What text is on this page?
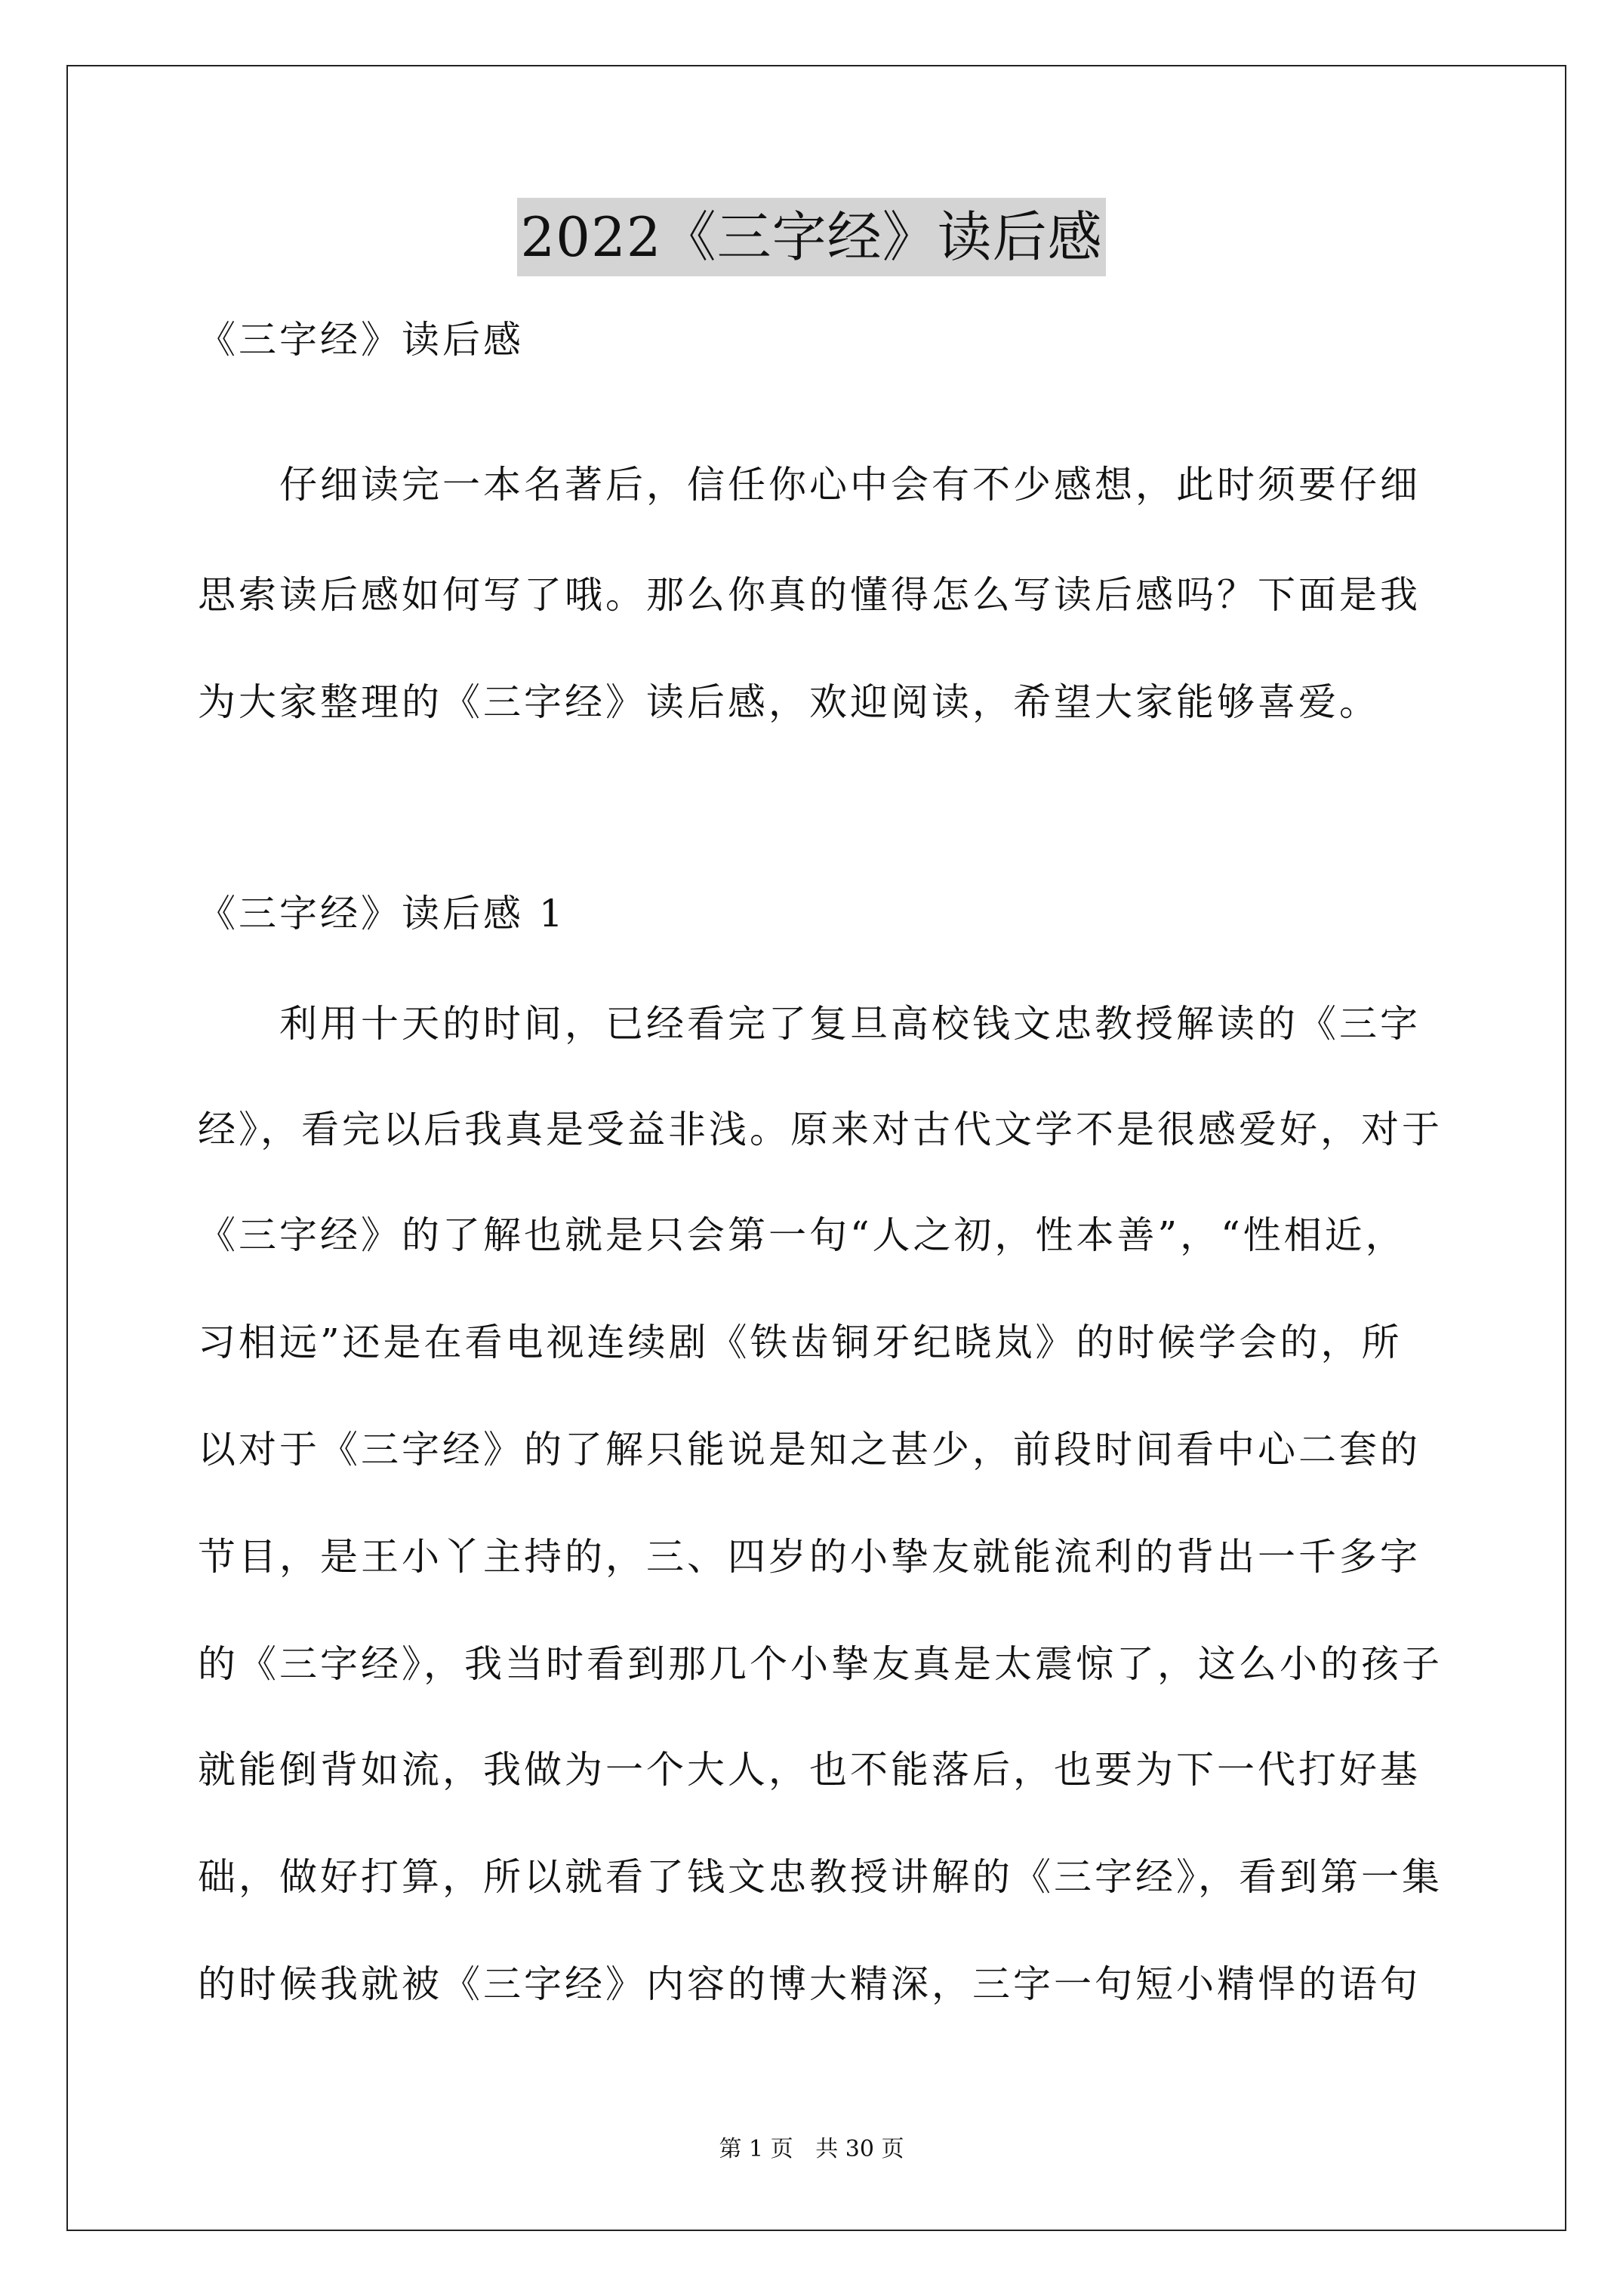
2022《三字经》读后感
《三字经》读后感
仔细读完一本名著后，信任你心中会有不少感想，此时须要仔细
思索读后感如何写了哦。那么你真的懂得怎么写读后感吗？下面是我
为大家整理的《三字经》读后感，欢迎阅读，希望大家能够喜爱。
《三字经》读后感 1
利用十天的时间，已经看完了复旦高校钱文忠教授解读的《三字
经》，看完以后我真是受益非浅。原来对古代文学不是很感爱好，对于
《三字经》的了解也就是只会第一句“人之初，性本善”，“性相近，
习相远”还是在看电视连续剧《铁齿铜牙纪晓岚》的时候学会的，所
以对于《三字经》的了解只能说是知之甚少，前段时间看中心二套的
节目，是王小丫主持的，三、四岁的小挚友就能流利的背出一千多字
的《三字经》，我当时看到那几个小挚友真是太震惊了，这么小的孩子
就能倒背如流，我做为一个大人，也不能落后，也要为下一代打好基
础，做好打算，所以就看了钱文忠教授讲解的《三字经》，看到第一集
的时候我就被《三字经》内容的博大精深，三字一句短小精悍的语句
第 1 页 共 30 页
